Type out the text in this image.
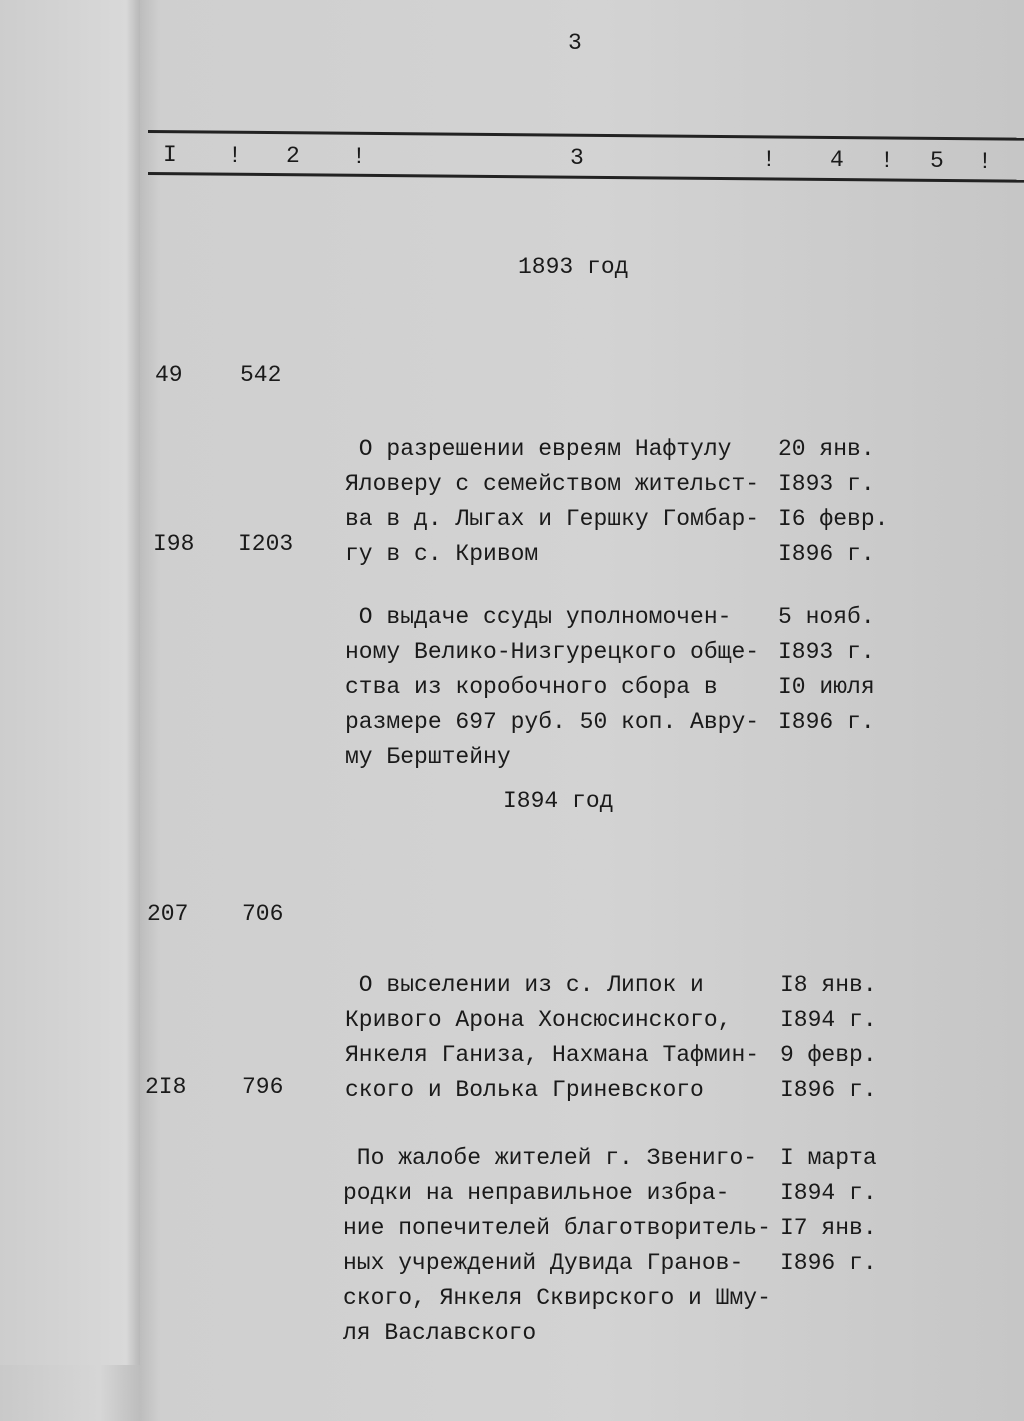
3
I ! 2 !	3	! 4 ! 5 !
1893 год
49 542

О разрешении евреям Нафтулу
Яловеру с семейством жительст-
ва в д. Лыгах и Гершку Гомбар-
гу в с. Кривом

20 янв.
I893 г.
I6 февр.
I896 г.

I98 I203

О выдаче ссуды уполномочен-
ному Велико-Низгурецкого обще-
ства из коробочного сбора в
размере 697 руб. 50 коп. Авру-
му Берштейну

5 нояб.
I893 г.
I0 июля
I896 г.

I894 год
207 706

О выселении из с. Липок и
Кривого Арона Хонсюсинского,
Янкеля Ганиза, Нахмана Тафмин-
ского и Волька Гриневского

I8 янв.
I894 г.
9 февр.
I896 г.

2I8 796

По жалобе жителей г. Звениго-
родки на неправильное избра-
ние попечителей благотворитель-
ных учреждений Дувида Гранов-
ского, Янкеля Сквирского и Шму-
ля Ваславского

I марта
I894 г.
I7 янв.
I896 г.
